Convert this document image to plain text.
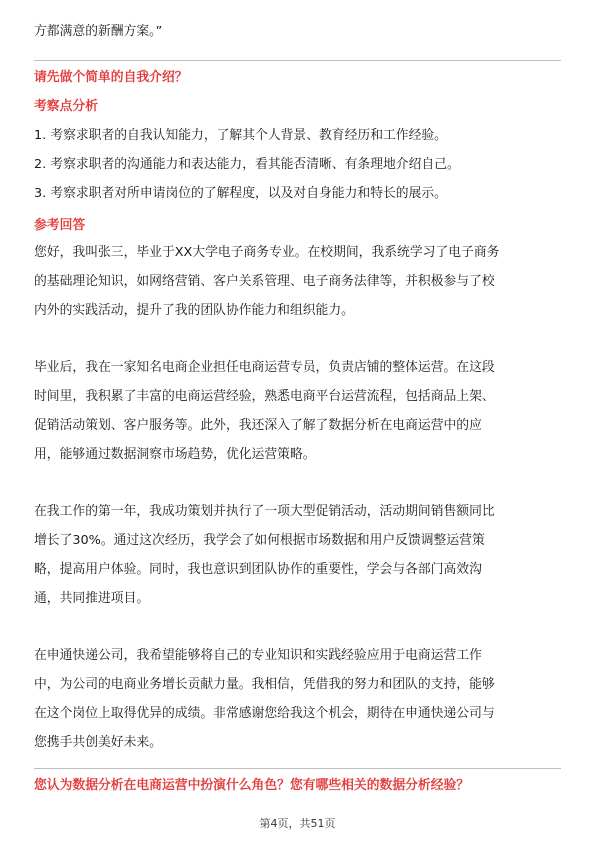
方都满意的新酬方案。”
请先做个简单的自我介绍？
考察点分析
1. 考察求职者的自我认知能力，了解其个人背景、教育经历和工作经验。
2. 考察求职者的沟通能力和表达能力，看其能否清晰、有条理地介绍自己。
3. 考察求职者对所申请岗位的了解程度，以及对自身能力和特长的展示。
参考回答
您好，我叫张三，毕业于XX大学电子商务专业。在校期间，我系统学习了电子商务
的基础理论知识，如网络营销、客户关系管理、电子商务法律等，并积极参与了校
内外的实践活动，提升了我的团队协作能力和组织能力。
毕业后，我在一家知名电商企业担任电商运营专员，负责店铺的整体运营。在这段
时间里，我积累了丰富的电商运营经验，熟悉电商平台运营流程，包括商品上架、
促销活动策划、客户服务等。此外，我还深入了解了数据分析在电商运营中的应
用，能够通过数据洞察市场趋势，优化运营策略。
在我工作的第一年，我成功策划并执行了一项大型促销活动，活动期间销售额同比
增长了30%。通过这次经历，我学会了如何根据市场数据和用户反馈调整运营策
略，提高用户体验。同时，我也意识到团队协作的重要性，学会与各部门高效沟
通，共同推进项目。
在申通快递公司，我希望能够将自己的专业知识和实践经验应用于电商运营工作
中，为公司的电商业务增长贡献力量。我相信，凭借我的努力和团队的支持，能够
在这个岗位上取得优异的成绩。非常感谢您给我这个机会，期待在申通快递公司与
您携手共创美好未来。
您认为数据分析在电商运营中扮演什么角色？您有哪些相关的数据分析经验？
第4页，共51页
